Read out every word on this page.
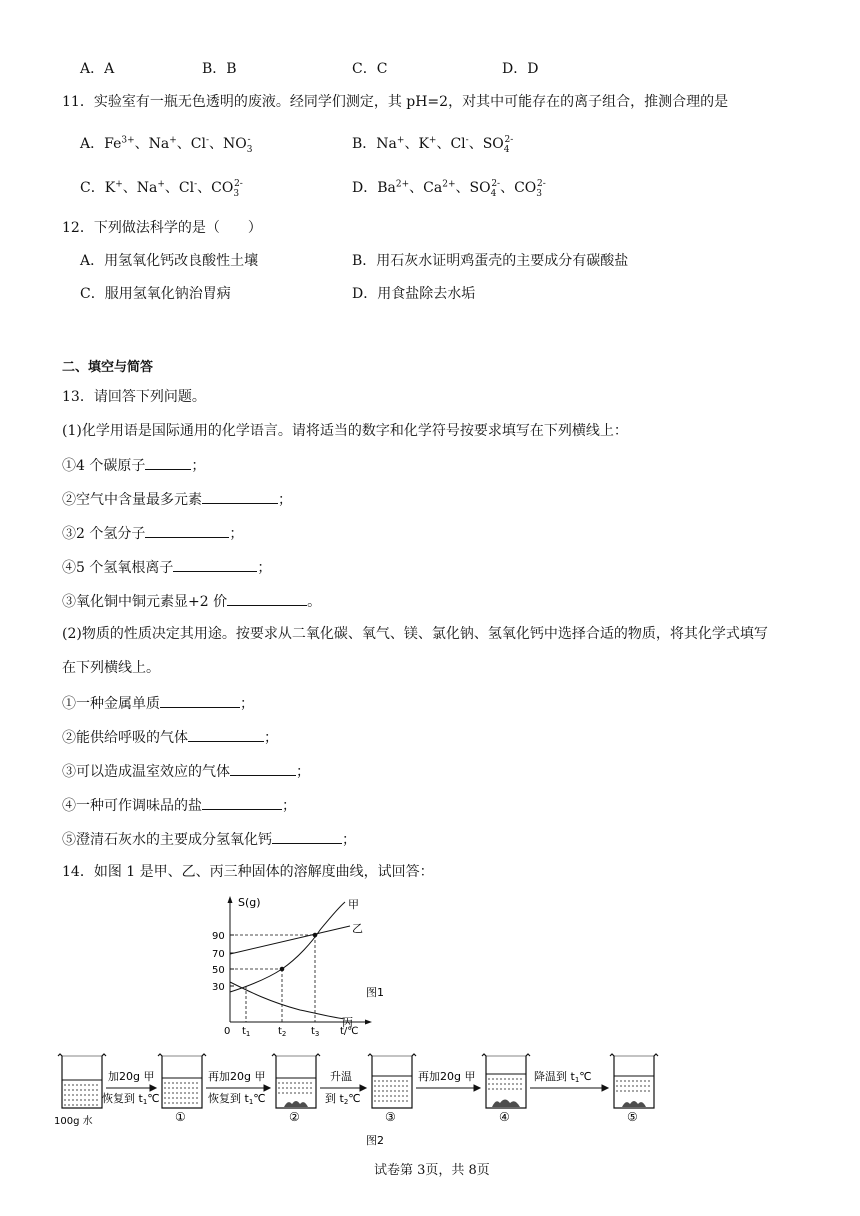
A．A	B．B	C．C	D．D
11．实验室有一瓶无色透明的废液。经同学们测定，其 pH=2，对其中可能存在的离子组合，推测合理的是
A．$Fe^{3+}$、Na+、Cl-、$NO_3^-$	B．Na+、K+、Cl-、$SO_4^{2-}$
C．K+、Na+、Cl-、$CO_3^{2-}$	D．$Ba^{2+}$、$Ca^{2+}$、$SO_4^{2-}$、$CO_3^{2-}$
12．下列做法科学的是（　　）
A．用氢氧化钙改良酸性土壤	B．用石灰水证明鸡蛋壳的主要成分有碳酸盐
C．服用氢氧化钠治胃病	D．用食盐除去水垢
二、填空与简答
13．请回答下列问题。
(1)化学用语是国际通用的化学语言。请将适当的数字和化学符号按要求填写在下列横线上：
①4 个碳原子	；
②空气中含量最多元素	；
③2 个氢分子	；
④5 个氢氧根离子	；
③氧化铜中铜元素显+2 价	。
(2)物质的性质决定其用途。按要求从二氧化碳、氧气、镁、氯化钠、氢氧化钙中选择合适的物质，将其化学式填写
在下列横线上。
①一种金属单质	；
②能供给呼吸的气体	；
③可以造成温室效应的气体	；
④一种可作调味品的盐	；
⑤澄清石灰水的主要成分氢氧化钙	；
14．如图 1 是甲、乙、丙三种固体的溶解度曲线，试回答：
S(g)
90
70
50
30
0 $t_1$	$t_2$ $t_3$ t/℃
甲
乙
丙
图1
加20g 甲
恢复到 t1℃
再加20g 甲
恢复到 t1℃
升温
到 t2℃
再加20g 甲	降温到 t1℃
100g 水	①	②	③	④	⑤
图2
试卷第 3页，共 8页
